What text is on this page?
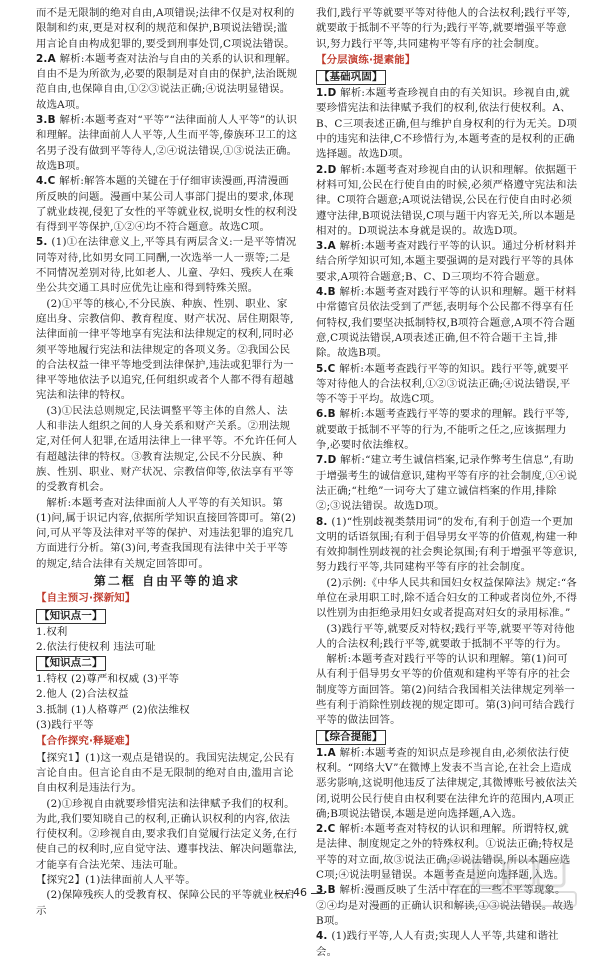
而不是无限制的绝对自由,A项错误;法律不仅是对权利的限制和约束,更是对权利的规范和保护,B项说法错误;滥用言论自由构成犯罪的,要受到刑事处罚,C项说法错误。

2.A 解析:本题考查对法治与自由的关系的认识和理解。自由不是为所欲为,必要的限制是对自由的保护,法治既规范自由,也保障自由,①②③说法正确;④说法明显错误。故选A项。

3.B 解析:本题考查对“平等”“法律面前人人平等”的认识和理解。法律面前人人平等,人生而平等,傣族环卫工的这名男子没有做到平等待人,②④说法错误,①③说法正确。故选B项。

4.C 解析:解答本题的关键在于仔细审读漫画,再清漫画所反映的问题。漫画中某公司人事部门提出的要求,体现了就业歧视,侵犯了女性的平等就业权,说明女性的权利没有得到平等保护,①②④均不符合题意。故选C项。

5. (1)①在法律意义上,平等具有两层含义:一是平等情况同等对待,比如男女同工同酬,一次选举一人一票等;二是不同情况差别对待,比如老人、儿童、孕妇、残疾人在乘坐公共交通工具时应优先让座和得到特殊关照。

(2)①平等的核心,不分民族、种族、性别、职业、家庭出身、宗教信仰、教育程度、财产状况、居住期限等,法律面前一律平等地享有宪法和法律规定的权利,同时必须平等地履行宪法和法律规定的各项义务。②我国公民的合法权益一律平等地受到法律保护,违法或犯罪行为一律平等地依法予以追究,任何组织或者个人都不得有超越宪法和法律的特权。

(3)①民法总则规定,民法调整平等主体的自然人、法人和非法人组织之间的人身关系和财产关系。②刑法规定,对任何人犯罪,在适用法律上一律平等。不允许任何人有超越法律的特权。③教育法规定,公民不分民族、种族、性别、职业、财产状况、宗教信仰等,依法享有平等的受教育机会。

解析:本题考查对法律面前人人平等的有关知识。第(1)问,属于识记内容,依据所学知识直接回答即可。第(2)问,可从平等及法律对平等的保护、对违法犯罪的追究几方面进行分析。第(3)问,考查我国现有法律中关于平等的规定,结合法律有关规定回答即可。

第二框 自由平等的追求
【自主预习·探新知】
【知识点一】

1.权利

2.依法行使权利 违法可耻

【知识点二】

1.特权 (2)尊严和权威 (3)平等

2.他人 (2)合法权益

3.抵制 (1)人格尊严 (2)依法维权

(3)践行平等

【合作探究·释疑难】

【探究1】(1)这一观点是错误的。我国宪法规定,公民有言论自由。但言论自由不是无限制的绝对自由,滥用言论自由权利是违法行为。

(2)①珍视自由就要珍惜宪法和法律赋予我们的权利。为此,我们要知晓自己的权利,正确认识权利的内容,依法行使权利。②珍视自由,要求我们自觉履行法定义务,在行使自己的权利时,应自觉守法、遵事找法、解决问题靠法,才能享有合法光荣、违法可耻。

【探究2】(1)法律面前人人平等。

(2)保障残疾人的受教育权、保障公民的平等就业权启示

我们,践行平等就要平等对待他人的合法权利;践行平等,就要敢于抵制不平等的行为;践行平等,就要增强平等意识,努力践行平等,共同建构平等有序的社会制度。

【分层演练·提素能】
【基础巩固】

1.D 解析:本题考查珍视自由的有关知识。珍视自由,就要珍惜宪法和法律赋予我们的权利,依法行使权利。A、B、C三项表述正确,但与维护自身权利的行为无关。D项中的违宪和法律,C不珍惜行为,本题考查的是权利的正确选择题。故选D项。

2.D 解析:本题考查对珍视自由的认识和理解。依据题干材料可知,公民在行使自由的时候,必须严格遵守宪法和法律。C项符合题意;A项说法错误,公民在行使自由时必须遵守法律,B项说法错误,C项与题干内容无关,所以本题是相对的。D项说法本身就是误的。故选D项。

3.A 解析:本题考查对践行平等的认识。通过分析材料并结合所学知识可知,本题主要强调的是对践行平等的具体要求,A项符合题意;B、C、D三项均不符合题意。

4.B 解析:本题考查对践行平等的认识和理解。题干材料中常德官员依法受到了严惩,表明每个公民都不得享有任何特权,我们要坚决抵制特权,B项符合题意,A项不符合题意,C项说法错误,A项表述正确,但不符合题干主旨,排除。故选B项。

5.C 解析:本题考查践行平等的知识。践行平等,就要平等对待他人的合法权利,①②③说法正确;④说法错误,平等不等于平均。故选C项。

6.B 解析:本题考查践行平等的要求的理解。践行平等,就要敢于抵制不平等的行为,不能听之任之,应该据理力争,必要时依法维权。

7.D 解析:“建立考生诚信档案,记录作弊考生信息”,有助于增强考生的诚信意识,建构平等有序的社会制度,①④说法正确;“杜绝”一词夸大了建立诚信档案的作用,排除②;③说法错误。故选D项。

8. (1)“性别歧视类禁用词”的发布,有利于创造一个更加文明的话语氛围;有利于倡导男女平等的价值观,构建一种有效抑制性别歧视的社会舆论氛围;有利于增强平等意识,努力践行平等,共同建构平等有序的社会制度。

(2)示例:《中华人民共和国妇女权益保障法》规定:“各单位在录用职工时,除不适合妇女的工种或者岗位外,不得以性别为由拒绝录用妇女或者提高对妇女的录用标准。”

(3)践行平等,就要反对特权;践行平等,就要平等对待他人的合法权利;践行平等,就要敢于抵制不平等的行为。

解析:本题考查对践行平等的认识和理解。第(1)问可从有利于倡导男女平等的价值观和建构平等有序的社会制度等方面回答。第(2)问结合我国相关法律规定列举一些有利于消除性别歧视的规定即可。第(3)问可结合践行平等的做法回答。

【综合提能】

1.A 解析:本题考查的知识点是珍视自由,必须依法行使权利。“网络大V”在微博上发表不当言论,在社会上造成恶劣影响,这说明他违反了法律规定,其微博账号被依法关闭,说明公民行使自由权利要在法律允许的范围内,A项正确;B项说法错误,本题是逆向选择题,A入选。

2.C 解析:本题考查对特权的认识和理解。所谓特权,就是法律、制度规定之外的特殊权利。①说法正确;特权是平等的对立面,故③说法正确;②说法错误,所以本题应选C项;④说法明显错误。本题考查是逆向选择题,入选。

3.B 解析:漫画反映了生活中存在的一些不平等现象。②④均是对漫画的正确认识和解读,①③说法错误。故选B项。

4. (1)践行平等,人人有责;实现人人平等,共建和谐社会。

46
